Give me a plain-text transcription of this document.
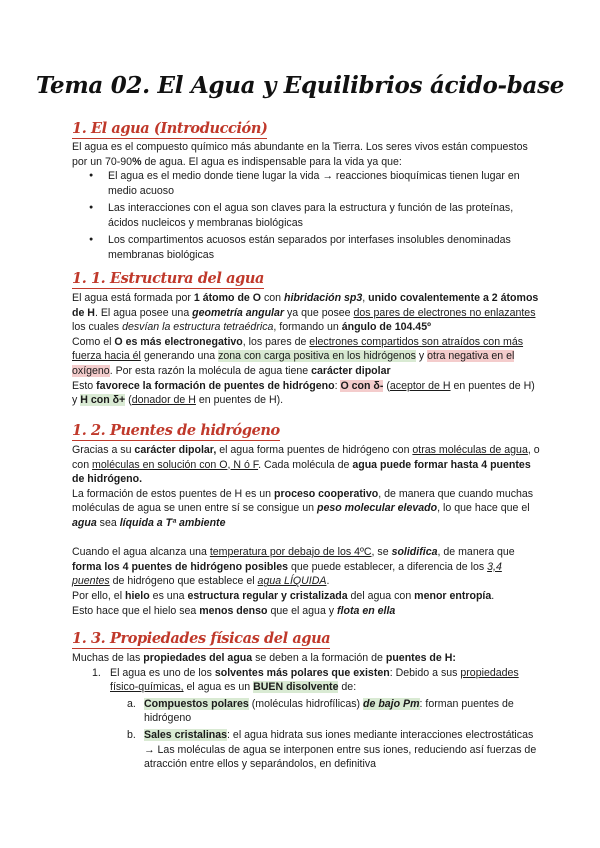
Tema 02. El Agua y Equilibrios ácido-base
1. El agua (Introducción)

El agua es el compuesto químico más abundante en la Tierra. Los seres vivos están compuestos por un 70-90% de agua. El agua es indispensable para la vida ya que:

● El agua es el medio donde tiene lugar la vida → reacciones bioquímicas tienen lugar en medio acuoso
● Las interacciones con el agua son claves para la estructura y función de las proteínas, ácidos nucleicos y membranas biológicas
● Los compartimentos acuosos están separados por interfases insolubles denominadas membranas biológicas
1. 1. Estructura del agua

El agua está formada por 1 átomo de O con hibridación sp3, unido covalentemente a 2 átomos de H. El agua posee una geometría angular ya que posee dos pares de electrones no enlazantes los cuales desvían la estructura tetraédrica, formando un ángulo de 104.45º

Como el O es más electronegativo, los pares de electrones compartidos son atraídos con más fuerza hacia él generando una zona con carga positiva en los hidrógenos y otra negativa en el oxígeno. Por esta razón la molécula de agua tiene carácter dipolar

Esto favorece la formación de puentes de hidrógeno: O con δ- (aceptor de H en puentes de H) y H con δ+ (donador de H en puentes de H).

1. 2. Puentes de hidrógeno

Gracias a su carácter dipolar, el agua forma puentes de hidrógeno con otras moléculas de agua, o con moléculas en solución con O, N ó F. Cada molécula de agua puede formar hasta 4 puentes de hidrógeno.

La formación de estos puentes de H es un proceso cooperativo, de manera que cuando muchas moléculas de agua se unen entre sí se consigue un peso molecular elevado, lo que hace que el agua sea líquida a Tª ambiente

Cuando el agua alcanza una temperatura por debajo de los 4ºC, se solidifica, de manera que forma los 4 puentes de hidrógeno posibles que puede establecer, a diferencia de los 3,4 puentes de hidrógeno que establece el agua LÍQUIDA.

Por ello, el hielo es una estructura regular y cristalizada del agua con menor entropía.

Esto hace que el hielo sea menos denso que el agua y flota en ella

1. 3. Propiedades físicas del agua

Muchas de las propiedades del agua se deben a la formación de puentes de H:

1. El agua es uno de los solventes más polares que existen: Debido a sus propiedades físico-químicas, el agua es un BUEN disolvente de:
a. Compuestos polares (moléculas hidrofílicas) de bajo Pm: forman puentes de hidrógeno
b. Sales cristalinas: el agua hidrata sus iones mediante interacciones electrostáticas → Las moléculas de agua se interponen entre sus iones, reduciendo así fuerzas de atracción entre ellos y separándolos, en definitiva
